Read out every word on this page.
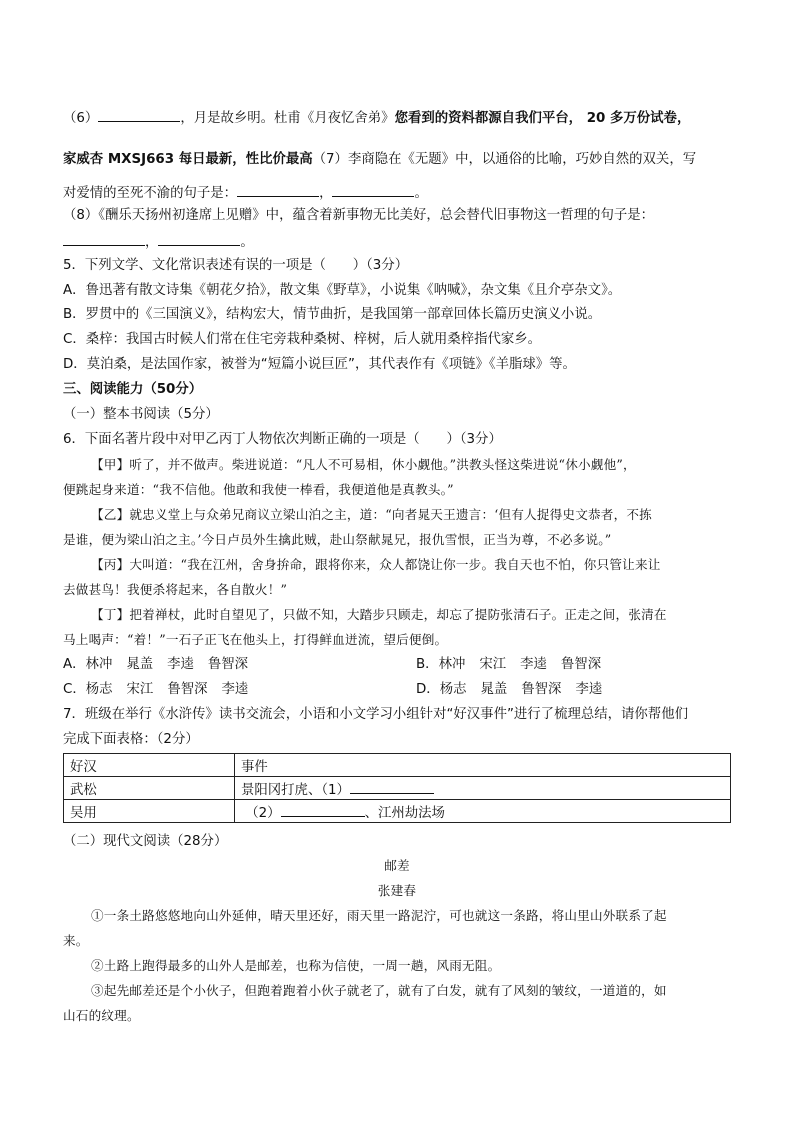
（6）	，月是故乡明。杜甫《月夜忆舍弟》您看到的资料都源自我们平台， 20 多万份试卷，
家威杏 MXSJ663 每日最新，性比价最高（7）李商隐在《无题》中，以通俗的比喻，巧妙自然的双关，写
对爱情的至死不渝的句子是：	，	。
（8）《酬乐天扬州初逢席上见赠》中，蕴含着新事物无比美好，总会替代旧事物这一哲理的句子是：
，	。
5．下列文学、文化常识表述有误的一项是（　　）（3分）
A．鲁迅著有散文诗集《朝花夕拾》，散文集《野草》，小说集《呐喊》，杂文集《且介亭杂文》。
B．罗贯中的《三国演义》，结构宏大，情节曲折，是我国第一部章回体长篇历史演义小说。
C．桑梓：我国古时候人们常在住宅旁栽种桑树、梓树，后人就用桑梓指代家乡。
D．莫泊桑，是法国作家，被誉为“短篇小说巨匠”，其代表作有《项链》《羊脂球》等。
三、阅读能力（50分）
（一）整本书阅读（5分）
6．下面名著片段中对甲乙丙丁人物依次判断正确的一项是（　　）（3分）
【甲】听了，并不做声。柴进说道：“凡人不可易相，休小觑他。”洪教头怪这柴进说“休小觑他”，
便跳起身来道：“我不信他。他敢和我使一棒看，我便道他是真教头。”
【乙】就忠义堂上与众弟兄商议立梁山泊之主，道：“向者晁天王遗言：‘但有人捉得史文恭者，不拣
是谁，便为梁山泊之主。’今日卢员外生擒此贼，赴山祭献晁兄，报仇雪恨，正当为尊，不必多说。”
【丙】大叫道：“我在江州，舍身拚命，跟将你来，众人都饶让你一步。我自天也不怕，你只管让来让
去做甚鸟！我便杀将起来，各自散火！”
【丁】把着禅杖，此时自望见了，只做不知，大踏步只顾走，却忘了提防张清石子。正走之间，张清在
马上喝声：“着！”一石子正飞在他头上，打得鲜血迸流，望后便倒。
A．林冲 晁盖 李逵 鲁智深	B．林冲 宋江 李逵 鲁智深
C．杨志 宋江 鲁智深 李逵	D．杨志 晁盖 鲁智深 李逵
7．班级在举行《水浒传》读书交流会，小语和小文学习小组针对“好汉事件”进行了梳理总结，请你帮他们
完成下面表格：（2分）
好汉	事件
武松	景阳冈打虎、（1）
吴用	（2） 、江州劫法场
（二）现代文阅读（28分）
邮差
张建春
①一条土路悠悠地向山外延伸，晴天里还好，雨天里一路泥泞，可也就这一条路，将山里山外联系了起
来。
②土路上跑得最多的山外人是邮差，也称为信使，一周一趟，风雨无阻。
③起先邮差还是个小伙子，但跑着跑着小伙子就老了，就有了白发，就有了风刻的皱纹，一道道的，如
山石的纹理。
